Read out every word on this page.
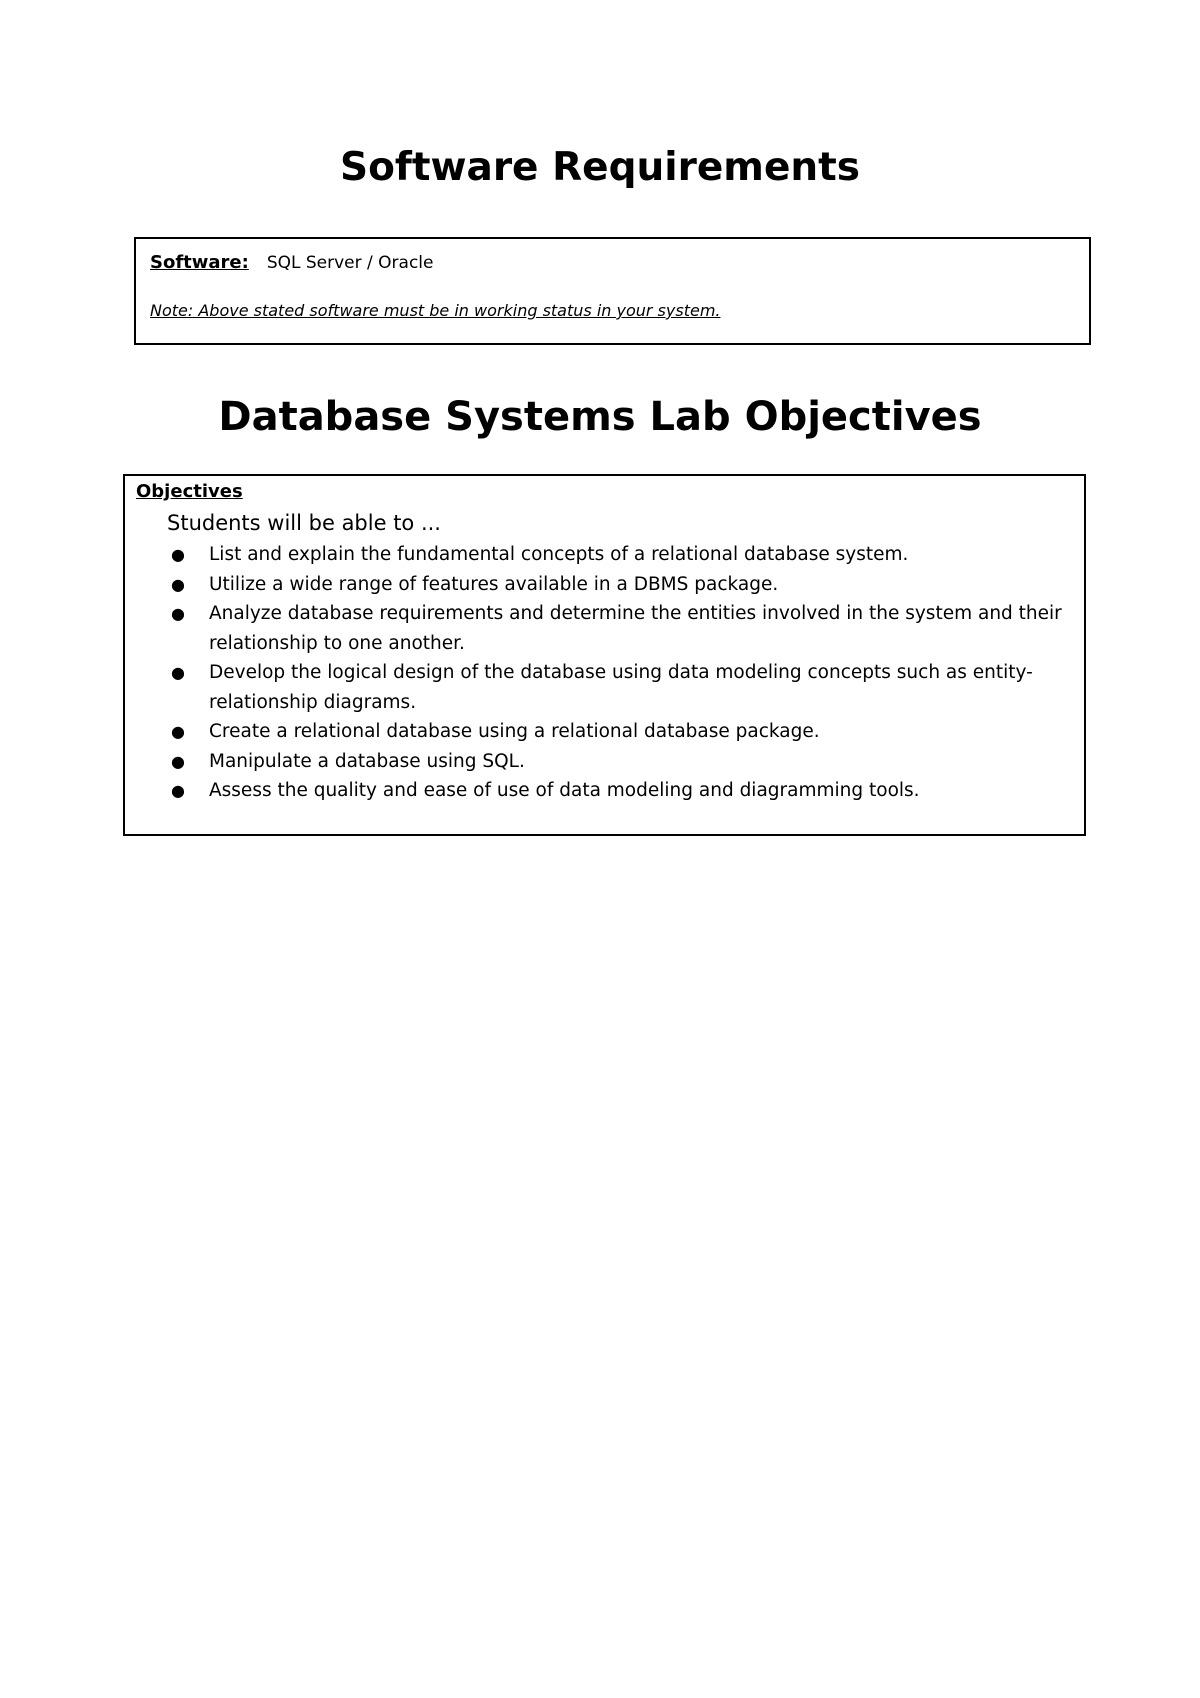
Software Requirements
Software: SQL Server / Oracle
Note: Above stated software must be in working status in your system.
Database Systems Lab Objectives
Objectives
Students will be able to ...
● List and explain the fundamental concepts of a relational database system.
● Utilize a wide range of features available in a DBMS package.
● Analyze database requirements and determine the entities involved in the system and their relationship to one another.
● Develop the logical design of the database using data modeling concepts such as entity-relationship diagrams.
● Create a relational database using a relational database package.
● Manipulate a database using SQL.
● Assess the quality and ease of use of data modeling and diagramming tools.
